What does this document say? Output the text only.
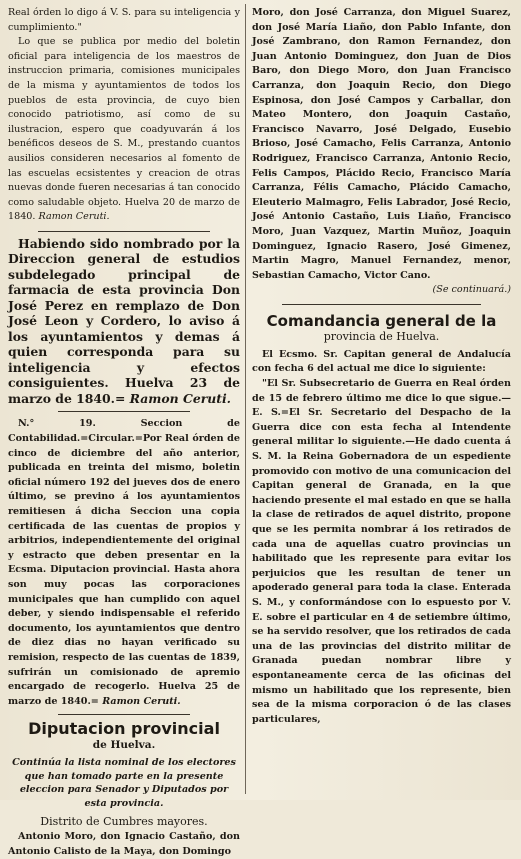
Real órden lo digo á V. S. para su inteligencia y cumplimiento."

Lo que se publica por medio del boletin oficial para inteligencia de los maestros de instruccion primaria, comisiones municipales de la misma y ayuntamientos de todos los pueblos de esta provincia, de cuyo bien conocido patriotismo, así como de su ilustracion, espero que coadyuvarán á los benéficos deseos de S. M., prestando cuantos ausilios consideren necesarios al fomento de las escuelas ecsistentes y creacion de otras nuevas donde fueren necesarias á tan conocido como saludable objeto. Huelva 20 de marzo de 1840. Ramon Ceruti.

Habiendo sido nombrado por la Direccion general de estudios subdelegado principal de farmacia de esta provincia Don José Perez en remplazo de Don José Leon y Cordero, lo aviso á los ayuntamientos y demas á quien corresponda para su inteligencia y efectos consiguientes. Huelva 23 de marzo de 1840.= Ramon Ceruti.

N.° 19. Seccion de Contabilidad.=Circular.=Por Real órden de cinco de diciembre del año anterior, publicada en treinta del mismo, boletin oficial número 192 del jueves dos de enero último, se previno á los ayuntamientos remitiesen á dicha Seccion una copia certificada de las cuentas de propios y arbitrios, independientemente del original y estracto que deben presentar en la Ecsma. Diputacion provincial. Hasta ahora son muy pocas las corporaciones municipales que han cumplido con aquel deber, y siendo indispensable el referido documento, los ayuntamientos que dentro de diez dias no hayan verificado su remision, respecto de las cuentas de 1839, sufrirán un comisionado de apremio encargado de recogerlo. Huelva 25 de marzo de 1840.= Ramon Ceruti.

Diputacion provincial
de Huelva.

Continúa la lista nominal de los electores que han tomado parte en la presente eleccion para Senador y Diputados por esta provincia.

Distrito de Cumbres mayores.

Antonio Moro, don Ignacio Castaño, don Antonio Calisto de la Maya, don Domingo

Moro, don José Carranza, don Miguel Suarez, don José María Liaño, don Pablo Infante, don José Zambrano, don Ramon Fernandez, don Juan Antonio Dominguez, don Juan de Dios Baro, don Diego Moro, don Juan Francisco Carranza, don Joaquin Recio, don Diego Espinosa, don José Campos y Carballar, don Mateo Montero, don Joaquin Castaño, Francisco Navarro, José Delgado, Eusebio Brioso, José Camacho, Felis Carranza, Antonio Rodriguez, Francisco Carranza, Antonio Recio, Felis Campos, Plácido Recio, Francisco María Carranza, Félis Camacho, Plácido Camacho, Eleuterio Malmagro, Felis Labrador, José Recio, José Antonio Castaño, Luis Liaño, Francisco Moro, Juan Vazquez, Martin Muñoz, Joaquin Dominguez, Ignacio Rasero, José Gimenez, Martin Magro, Manuel Fernandez, menor, Sebastian Camacho, Victor Cano.

(Se continuará.)

Comandancia general de la
provincia de Huelva.

El Ecsmo. Sr. Capitan general de Andalucía con fecha 6 del actual me dice lo siguiente:

"El Sr. Subsecretario de Guerra en Real órden de 15 de febrero último me dice lo que sigue.—E. S.=El Sr. Secretario del Despacho de la Guerra dice con esta fecha al Intendente general militar lo siguiente.—He dado cuenta á S. M. la Reina Gobernadora de un espediente promovido con motivo de una comunicacion del Capitan general de Granada, en la que haciendo presente el mal estado en que se halla la clase de retirados de aquel distrito, propone que se les permita nombrar á los retirados de cada una de aquellas cuatro provincias un habilitado que les represente para evitar los perjuicios que les resultan de tener un apoderado general para toda la clase. Enterada S. M., y conformándose con lo espuesto por V. E. sobre el particular en 4 de setiembre último, se ha servido resolver, que los retirados de cada una de las provincias del distrito militar de Granada puedan nombrar libre y espontaneamente cerca de las oficinas del mismo un habilitado que los represente, bien sea de la misma corporacion ó de las clases particulares,
